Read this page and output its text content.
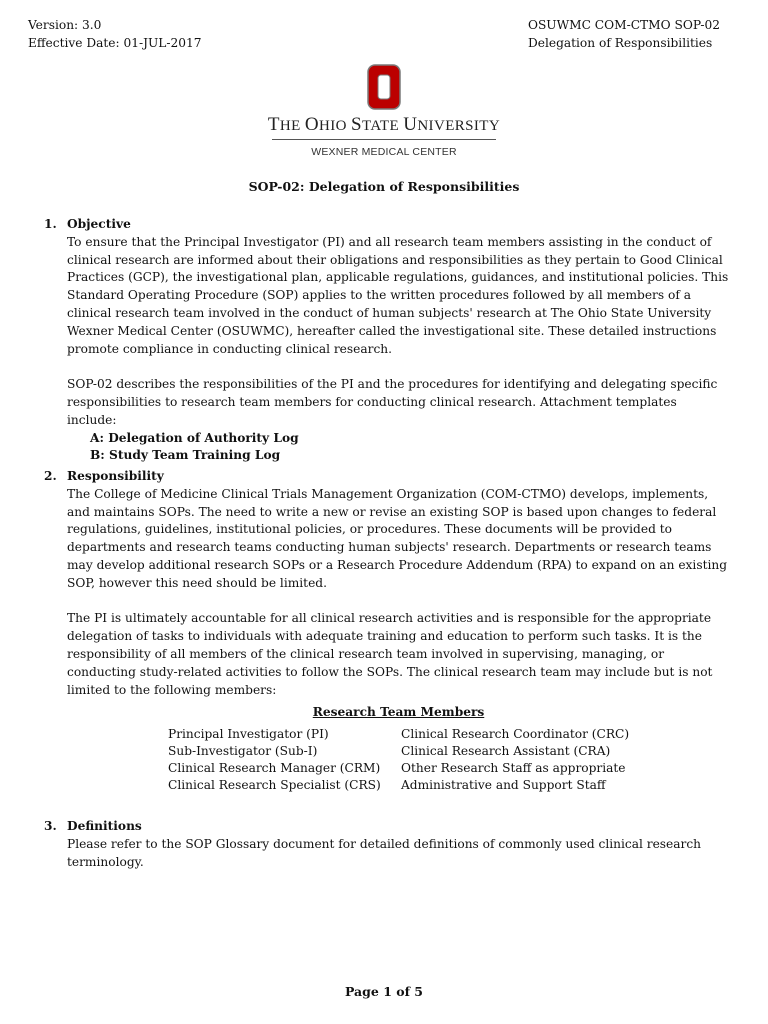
Version: 3.0
Effective Date: 01-JUL-2017
OSUWMC COM-CTMO SOP-02
Delegation of Responsibilities
THE OHIO STATE UNIVERSITY
WEXNER MEDICAL CENTER
SOP-02: Delegation of Responsibilities
1. Objective

To ensure that the Principal Investigator (PI) and all research team members assisting in the conduct of clinical research are informed about their obligations and responsibilities as they pertain to Good Clinical Practices (GCP), the investigational plan, applicable regulations, guidances, and institutional policies. This Standard Operating Procedure (SOP) applies to the written procedures followed by all members of a clinical research team involved in the conduct of human subjects' research at The Ohio State University Wexner Medical Center (OSUWMC), hereafter called the investigational site. These detailed instructions promote compliance in conducting clinical research.

SOP-02 describes the responsibilities of the PI and the procedures for identifying and delegating specific responsibilities to research team members for conducting clinical research. Attachment templates include:

A: Delegation of Authority Log
B: Study Team Training Log
2. Responsibility

The College of Medicine Clinical Trials Management Organization (COM-CTMO) develops, implements, and maintains SOPs. The need to write a new or revise an existing SOP is based upon changes to federal regulations, guidelines, institutional policies, or procedures. These documents will be provided to departments and research teams conducting human subjects' research. Departments or research teams may develop additional research SOPs or a Research Procedure Addendum (RPA) to expand on an existing SOP, however this need should be limited.

The PI is ultimately accountable for all clinical research activities and is responsible for the appropriate delegation of tasks to individuals with adequate training and education to perform such tasks. It is the responsibility of all members of the clinical research team involved in supervising, managing, or conducting study-related activities to follow the SOPs. The clinical research team may include but is not limited to the following members:

Research Team Members
Principal Investigator (PI)	Clinical Research Coordinator (CRC)
Sub-Investigator (Sub-I)	Clinical Research Assistant (CRA)
Clinical Research Manager (CRM)	Other Research Staff as appropriate
Clinical Research Specialist (CRS)	Administrative and Support Staff
3. Definitions

Please refer to the SOP Glossary document for detailed definitions of commonly used clinical research terminology.

Page 1 of 5
